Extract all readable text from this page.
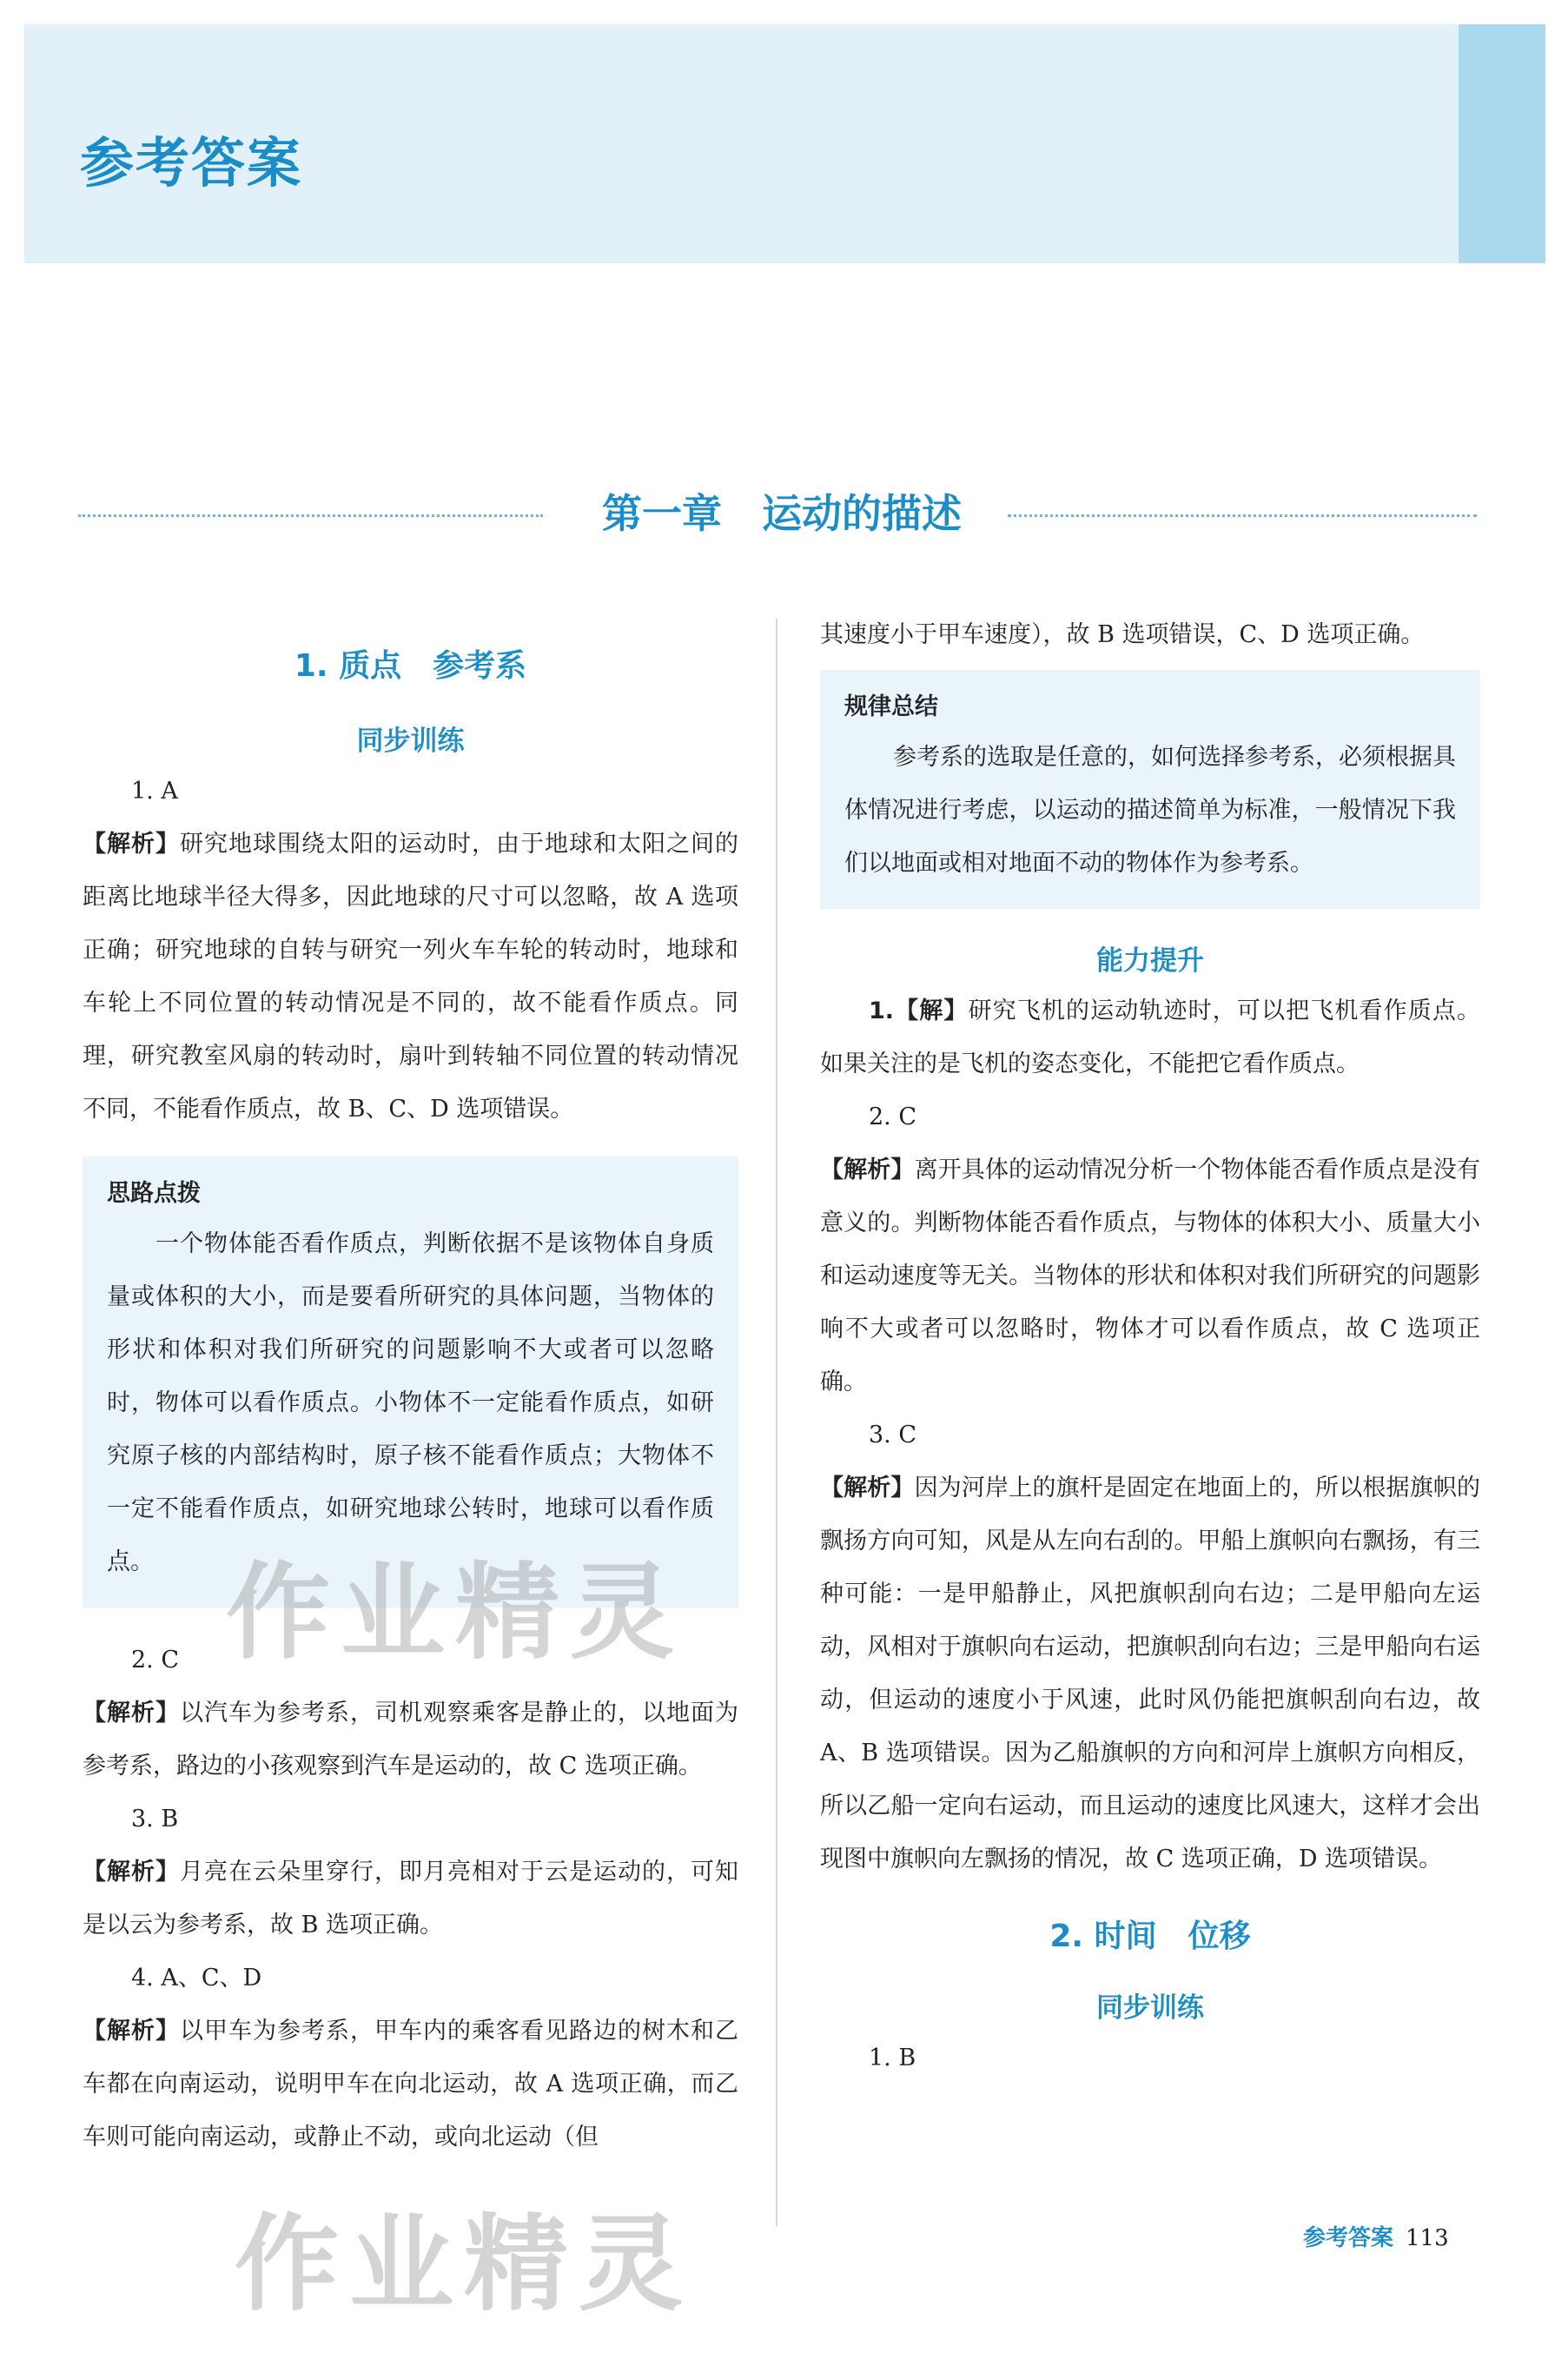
参考答案
第一章　运动的描述
1. 质点　参考系
同步训练

1. A

【解析】研究地球围绕太阳的运动时，由于地球和太阳之间的距离比地球半径大得多，因此地球的尺寸可以忽略，故 A 选项正确；研究地球的自转与研究一列火车车轮的转动时，地球和车轮上不同位置的转动情况是不同的，故不能看作质点。同理，研究教室风扇的转动时，扇叶到转轴不同位置的转动情况不同，不能看作质点，故 B、C、D 选项错误。

思路点拨

一个物体能否看作质点，判断依据不是该物体自身质量或体积的大小，而是要看所研究的具体问题，当物体的形状和体积对我们所研究的问题影响不大或者可以忽略时，物体可以看作质点。小物体不一定能看作质点，如研究原子核的内部结构时，原子核不能看作质点；大物体不一定不能看作质点，如研究地球公转时，地球可以看作质点。

2. C

【解析】以汽车为参考系，司机观察乘客是静止的，以地面为参考系，路边的小孩观察到汽车是运动的，故 C 选项正确。

3. B

【解析】月亮在云朵里穿行，即月亮相对于云是运动的，可知是以云为参考系，故 B 选项正确。

4. A、C、D

【解析】以甲车为参考系，甲车内的乘客看见路边的树木和乙车都在向南运动，说明甲车在向北运动，故 A 选项正确，而乙车则可能向南运动，或静止不动，或向北运动（但

其速度小于甲车速度），故 B 选项错误，C、D 选项正确。

规律总结

参考系的选取是任意的，如何选择参考系，必须根据具体情况进行考虑，以运动的描述简单为标准，一般情况下我们以地面或相对地面不动的物体作为参考系。

能力提升

1.【解】研究飞机的运动轨迹时，可以把飞机看作质点。如果关注的是飞机的姿态变化，不能把它看作质点。

2. C

【解析】离开具体的运动情况分析一个物体能否看作质点是没有意义的。判断物体能否看作质点，与物体的体积大小、质量大小和运动速度等无关。当物体的形状和体积对我们所研究的问题影响不大或者可以忽略时，物体才可以看作质点，故 C 选项正确。

3. C

【解析】因为河岸上的旗杆是固定在地面上的，所以根据旗帜的飘扬方向可知，风是从左向右刮的。甲船上旗帜向右飘扬，有三种可能：一是甲船静止，风把旗帜刮向右边；二是甲船向左运动，风相对于旗帜向右运动，把旗帜刮向右边；三是甲船向右运动，但运动的速度小于风速，此时风仍能把旗帜刮向右边，故 A、B 选项错误。因为乙船旗帜的方向和河岸上旗帜方向相反，所以乙船一定向右运动，而且运动的速度比风速大，这样才会出现图中旗帜向左飘扬的情况，故 C 选项正确，D 选项错误。

2. 时间　位移
同步训练

1. B

作业精灵
作业精灵	参考答案 113
